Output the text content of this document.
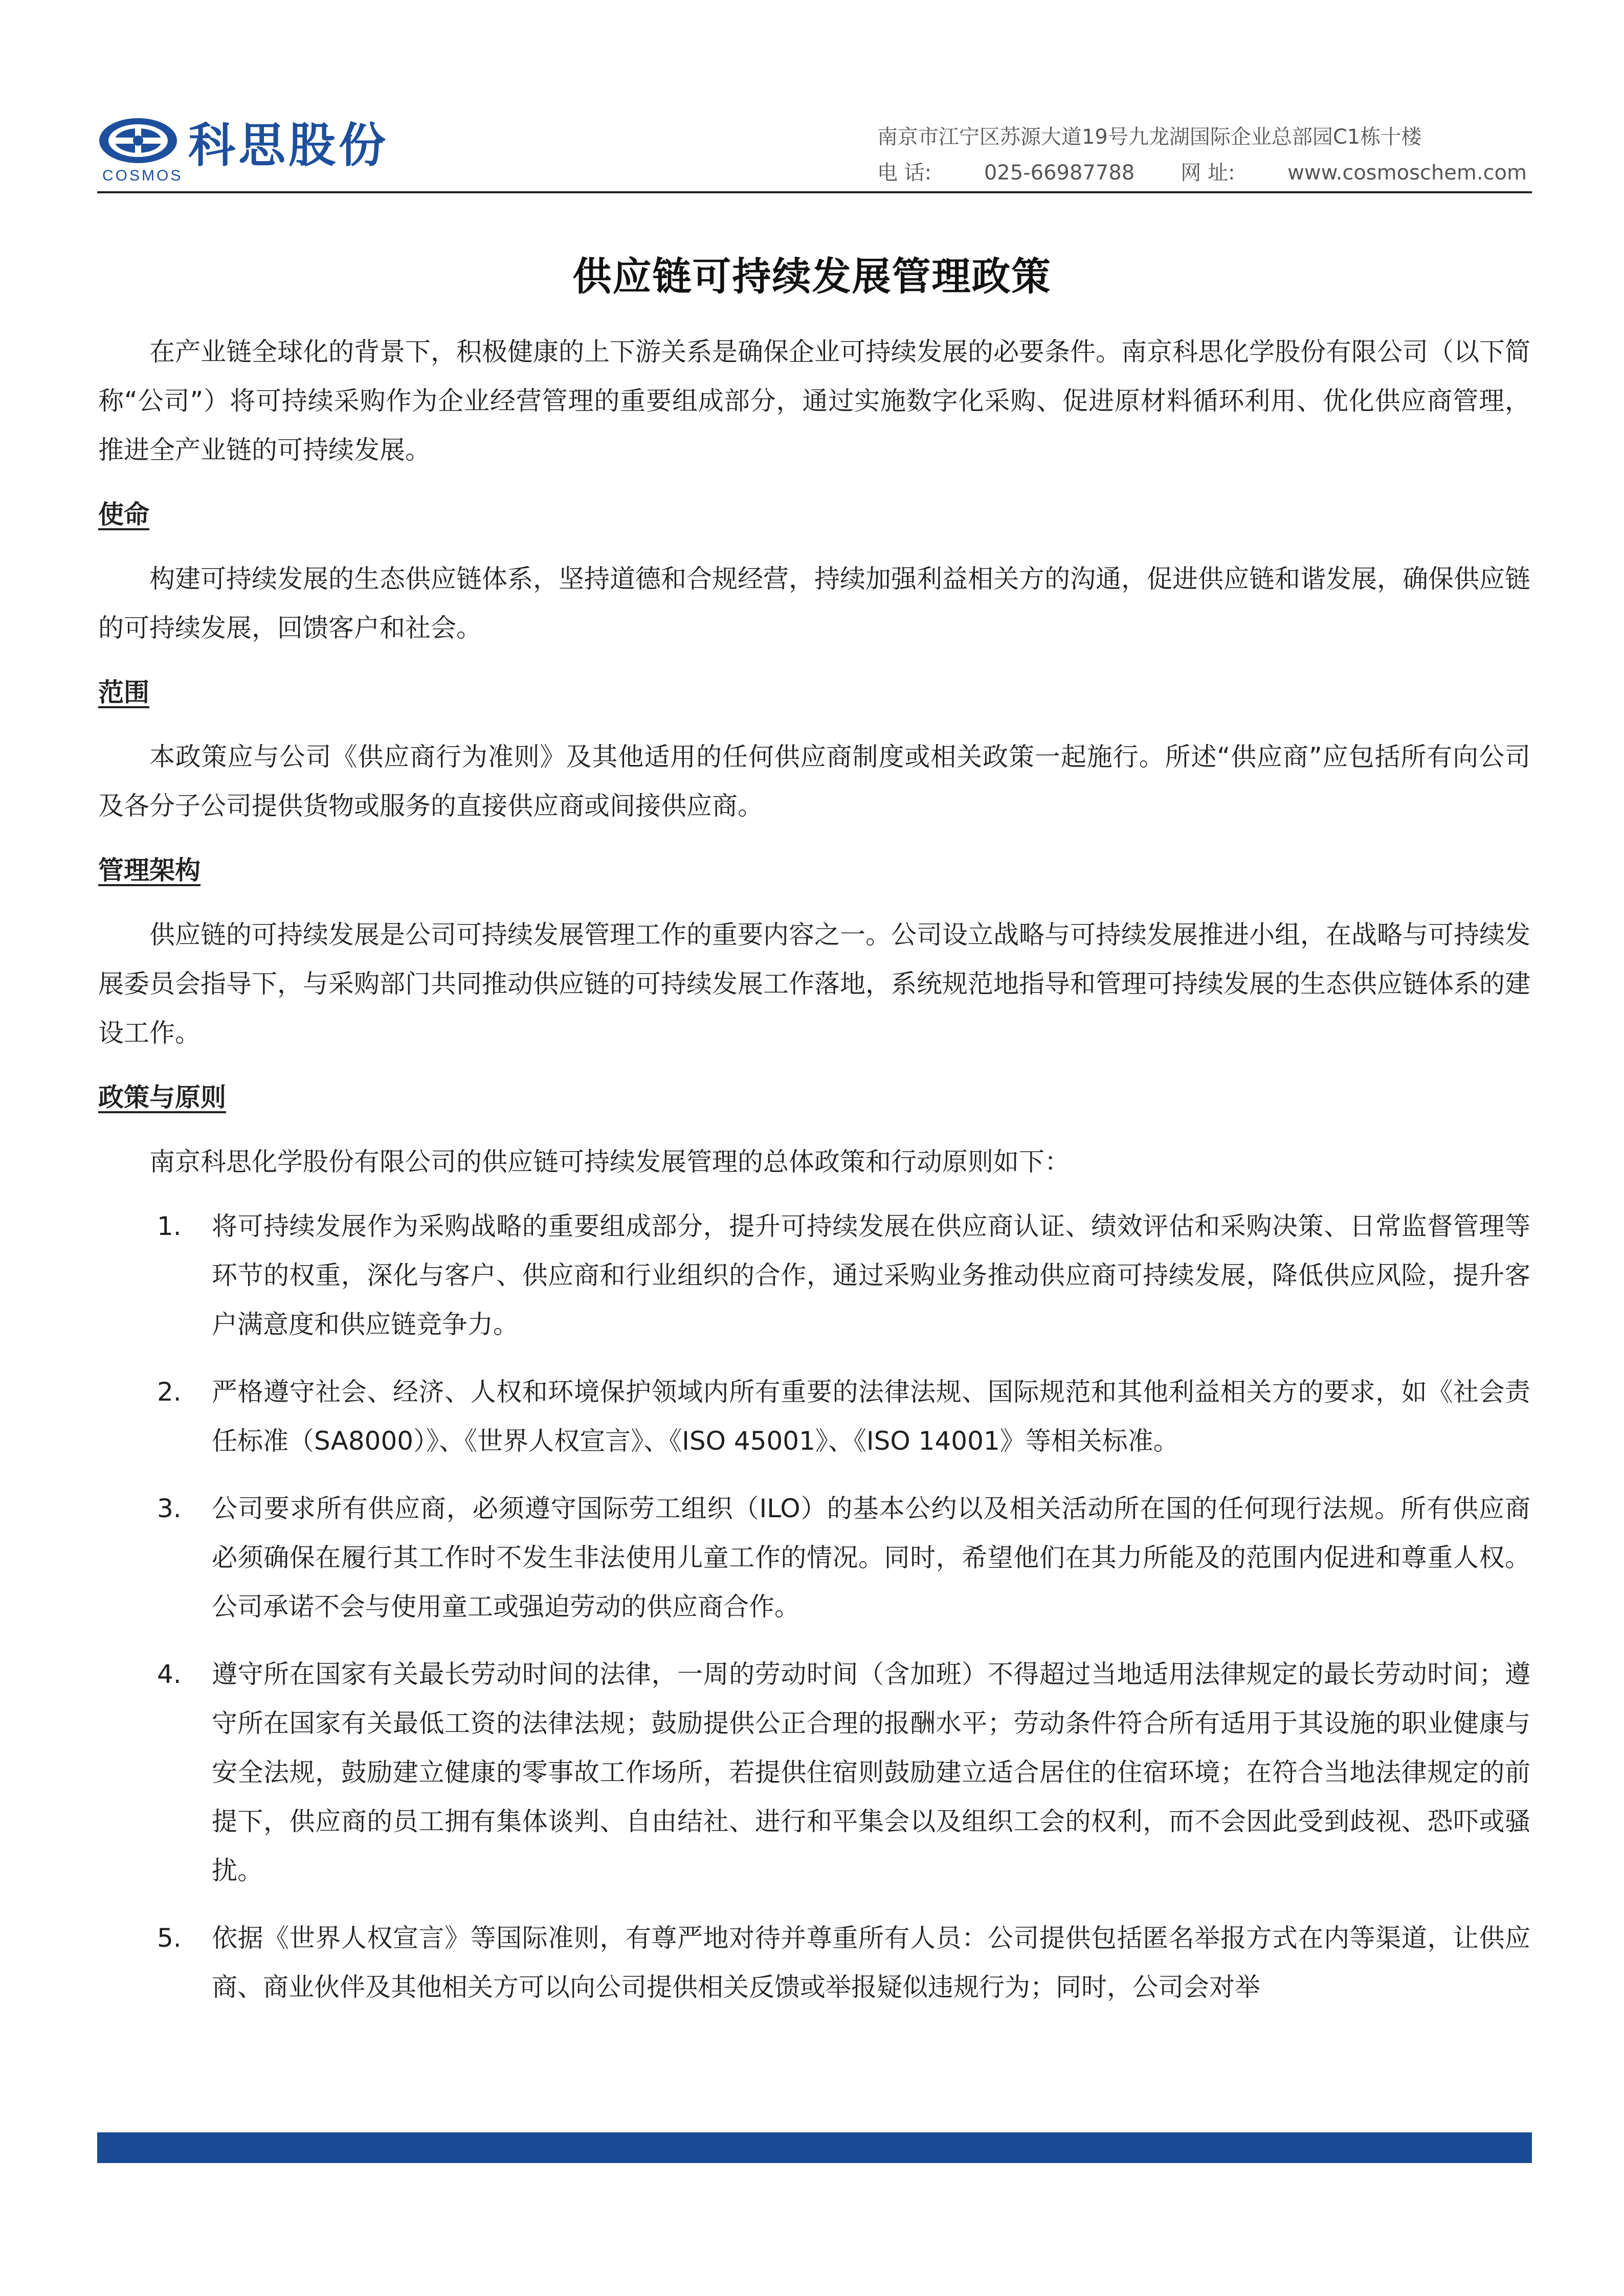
COSMOS
科思股份	南京市江宁区苏源大道19号九龙湖国际企业总部园C1栋十楼
电 话:	025-66987788 网 址:	www.cosmoschem.com
供应链可持续发展管理政策

在产业链全球化的背景下，积极健康的上下游关系是确保企业可持续发展的必要条件。南京科思化学股份有限公司（以下简称“公司”）将可持续采购作为企业经营管理的重要组成部分，通过实施数字化采购、促进原材料循环利用、优化供应商管理，推进全产业链的可持续发展。

使命

构建可持续发展的生态供应链体系，坚持道德和合规经营，持续加强利益相关方的沟通，促进供应链和谐发展，确保供应链的可持续发展，回馈客户和社会。

范围

本政策应与公司《供应商行为准则》及其他适用的任何供应商制度或相关政策一起施行。所述“供应商”应包括所有向公司及各分子公司提供货物或服务的直接供应商或间接供应商。

管理架构

供应链的可持续发展是公司可持续发展管理工作的重要内容之一。公司设立战略与可持续发展推进小组，在战略与可持续发展委员会指导下，与采购部门共同推动供应链的可持续发展工作落地，系统规范地指导和管理可持续发展的生态供应链体系的建设工作。

政策与原则
南京科思化学股份有限公司的供应链可持续发展管理的总体政策和行动原则如下：
1. 将可持续发展作为采购战略的重要组成部分，提升可持续发展在供应商认证、绩效评估和采购决策、日常监督管理等环节的权重，深化与客户、供应商和行业组织的合作，通过采购业务推动供应商可持续发展，降低供应风险，提升客户满意度和供应链竞争力。
2. 严格遵守社会、经济、人权和环境保护领域内所有重要的法律法规、国际规范和其他利益相关方的要求，如《社会责任标准（SA8000）》、《世界人权宣言》、《ISO 45001》、《ISO 14001》等相关标准。
3. 公司要求所有供应商，必须遵守国际劳工组织（ILO）的基本公约以及相关活动所在国的任何现行法规。所有供应商必须确保在履行其工作时不发生非法使用儿童工作的情况。同时，希望他们在其力所能及的范围内促进和尊重人权。公司承诺不会与使用童工或强迫劳动的供应商合作。
4. 遵守所在国家有关最长劳动时间的法律，一周的劳动时间（含加班）不得超过当地适用法律规定的最长劳动时间；遵守所在国家有关最低工资的法律法规；鼓励提供公正合理的报酬水平；劳动条件符合所有适用于其设施的职业健康与安全法规，鼓励建立健康的零事故工作场所，若提供住宿则鼓励建立适合居住的住宿环境；在符合当地法律规定的前提下，供应商的员工拥有集体谈判、自由结社、进行和平集会以及组织工会的权利，而不会因此受到歧视、恐吓或骚扰。
5. 依据《世界人权宣言》等国际准则，有尊严地对待并尊重所有人员：公司提供包括匿名举报方式在内等渠道，让供应商、商业伙伴及其他相关方可以向公司提供相关反馈或举报疑似违规行为；同时，公司会对举
